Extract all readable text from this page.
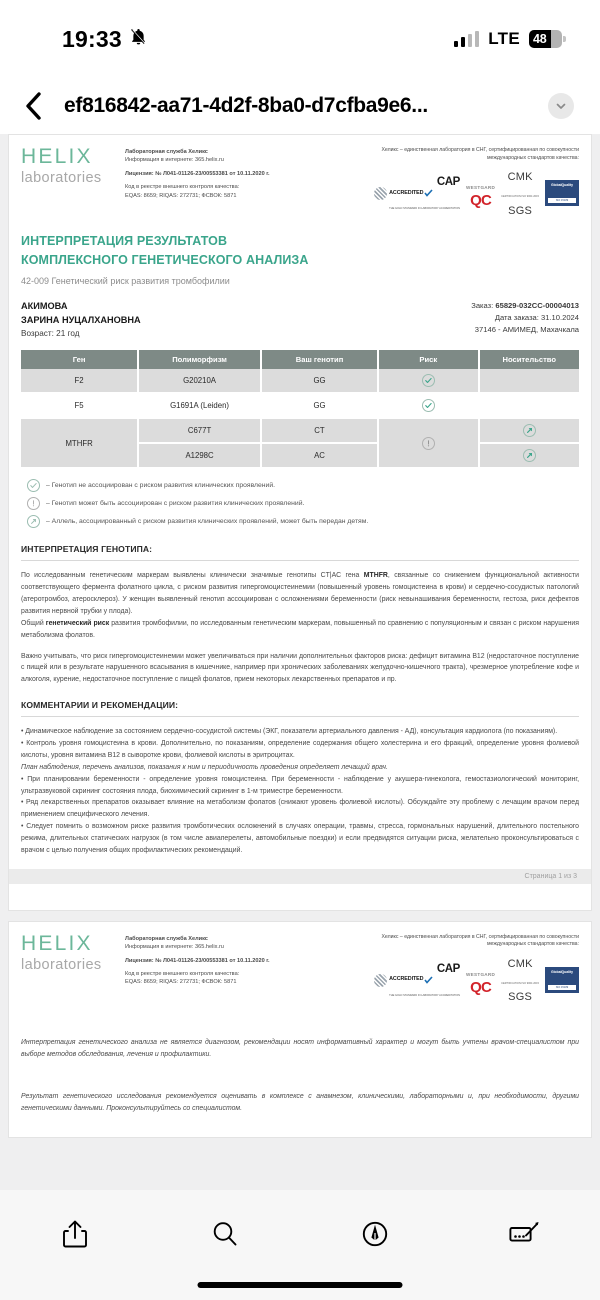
19:33	LTE	48
ef816842-aa71-4d2f-8ba0-d7cfba9e6...
HELIX
laboratories
Лабораторная служба Хеликс
Информация в интернете: 365.helix.ru
Лицензия: № Л041-01126-23/00553381 от 10.11.2020 г.
Код в реестре внешнего контроля качества:
EQAS: 8659; RIQAS: 272731; ФСВОК: 5871
Хеликс – единственная лаборатория в СНГ, сертифицированная по совокупности международных стандартов качества:
CAP
ACCREDITED
THE GOLD STANDARD IN LABORATORY ACCREDITATION
WESTGARD
QC
CMK
CERTIFICATION ISO 9001:2015
SGS
GlobalQuality
ISO 15189
ИНТЕРПРЕТАЦИЯ РЕЗУЛЬТАТОВ
КОМПЛЕКСНОГО ГЕНЕТИЧЕСКОГО АНАЛИЗА
42-009 Генетический риск развития тромбофилии
АКИМОВА
ЗАРИНА НУЦАЛХАНОВНА
Возраст: 21 год
Заказ: 65829-032СС-00004013
Дата заказа: 31.10.2024
37146 - АМИМЕД, Махачкала
Ген	Полиморфизм	Ваш генотип	Риск	Носительство
F2	G20210A	GG	

F5	G1691A (Leiden)	GG	

MTHFR	C677T	CT	

	A1298C	AC	
– Генотип не ассоциирован с риском развития клинических проявлений.
– Генотип может быть ассоциирован с риском развития клинических проявлений.
– Аллель, ассоциированный с риском развития клинических проявлений, может быть передан детям.
ИНТЕРПРЕТАЦИЯ ГЕНОТИПА:
По исследованным генетическим маркерам выявлены клинически значимые генотипы CT|AC гена MTHFR, связанные со снижением функциональной активности соответствующего фермента фолатного цикла, с риском развития гипергомоцистеинемии (повышенный уровень гомоцистеина в крови) и сердечно-сосудистых патологий (атеротромбоз, атеросклероз). У женщин выявленный генотип ассоциирован с осложнениями беременности (риск невынашивания беременности, гестоза, риск дефектов развития нервной трубки у плода).
Общий генетический риск развития тромбофилии, по исследованным генетическим маркерам, повышенный по сравнению с популяционным и связан с риском нарушения метаболизма фолатов.
Важно учитывать, что риск гипергомоцистеинемии может увеличиваться при наличии дополнительных факторов риска: дефицит витамина B12 (недостаточное поступление с пищей или в результате нарушенного всасывания в кишечнике, например при хронических заболеваниях желудочно-кишечного тракта), чрезмерное употребление кофе и алкоголя, курение, недостаточное поступление с пищей фолатов, прием некоторых лекарственных препаратов и пр.
КОММЕНТАРИИ И РЕКОМЕНДАЦИИ:
• Динамическое наблюдение за состоянием сердечно-сосудистой системы (ЭКГ, показатели артериального давления - АД), консультация кардиолога (по показаниям).
• Контроль уровня гомоцистеина в крови. Дополнительно, по показаниям, определение содержания общего холестерина и его фракций, определение уровня фолиевой кислоты, уровня витамина B12 в сыворотке крови, фолиевой кислоты в эритроцитах.
План наблюдения, перечень анализов, показания к ним и периодичность проведения определяет лечащий врач.
• При планировании беременности - определение уровня гомоцистеина. При беременности - наблюдение у акушера-гинеколога, гемостазиологический мониторинг, ультразвуковой скрининг состояния плода, биохимический скрининг в 1-м триместре беременности.
• Ряд лекарственных препаратов оказывает влияние на метаболизм фолатов (снижают уровень фолиевой кислоты). Обсуждайте эту проблему с лечащим врачом перед применением специфического лечения.
• Следует помнить о возможном риске развития тромботических осложнений в случаях операции, травмы, стресса, гормональных нарушений, длительного постельного режима, длительных статических нагрузок (в том числе авиаперелеты, автомобильные поездки) и если предвидятся ситуации риска, желательно проконсультироваться с врачом с целью получения общих профилактических рекомендаций.
Страница 1 из 3
HELIX
laboratories
Лабораторная служба Хеликс
Информация в интернете: 365.helix.ru
Лицензия: № Л041-01126-23/00553381 от 10.11.2020 г.
Код в реестре внешнего контроля качества:
EQAS: 8659; RIQAS: 272731; ФСВОК: 5871
Хеликс – единственная лаборатория в СНГ, сертифицированная по совокупности международных стандартов качества:
CAP
ACCREDITED
THE GOLD STANDARD IN LABORATORY ACCREDITATION
WESTGARD
QC
CMK
CERTIFICATION ISO 9001:2015
SGS
GlobalQuality
ISO 15189
Интерпретация генетического анализа не является диагнозом, рекомендации носят информативный характер и могут быть учтены врачом-специалистом при выборе методов обследования, лечения и профилактики.
Результат генетического исследования рекомендуется оценивать в комплексе с анамнезом, клиническими, лабораторными и, при необходимости, другими генетическими данными. Проконсультируйтесь со специалистом.
